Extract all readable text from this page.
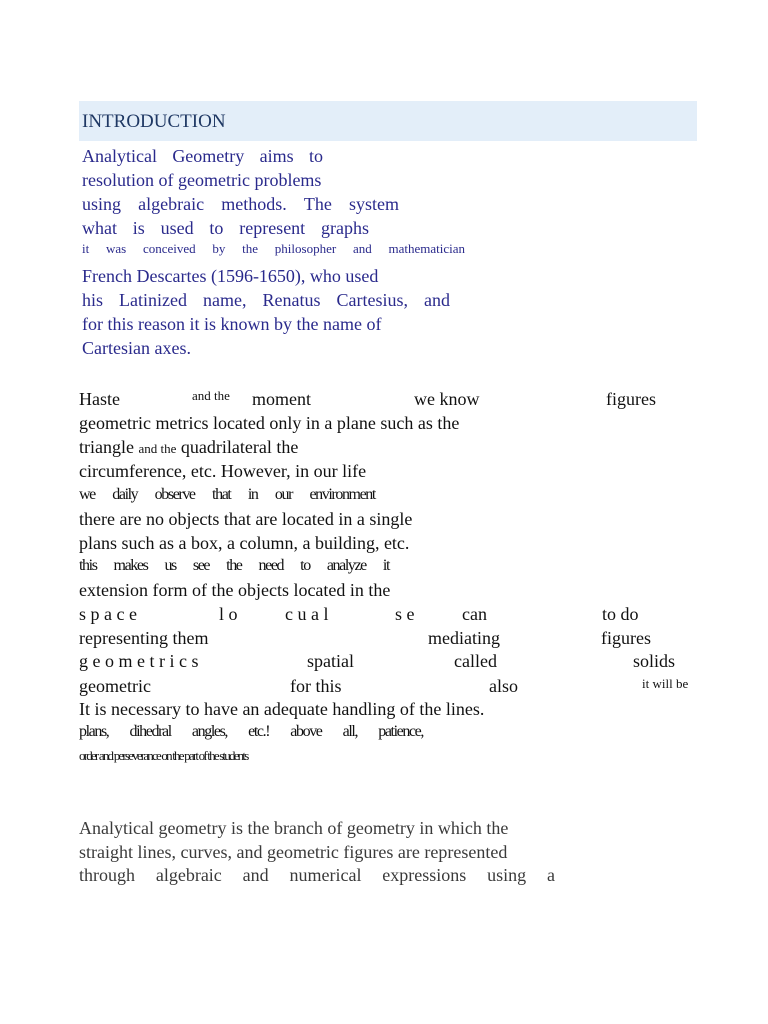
INTRODUCTION
Analytical Geometry aims to
resolution of geometric problems
using algebraic methods. The system
what is used to represent graphs
it was conceived by the philosopher and mathematician
French Descartes (1596-1650), who used
his Latinized name, Renatus Cartesius, and
for this reason it is known by the name of
Cartesian axes.
Haste	and the moment	we know	figures
geometric metrics located only in a plane such as the
triangle and the quadrilateral the
circumference, etc. However, in our life
we daily observe that in our environment
there are no objects that are located in a single
plans such as a box, a column, a building, etc.
this makes us see the need to analyze it
extension form of the objects located in the
s p a c e	l o	c u a l	s e	can	to do
representing them	mediating	figures
g e o m e t r i c s	spatial	called	solids
geometric	for this	also	it will be
It is necessary to have an adequate handling of the lines.
plans, dihedral angles, etc.! above all, patience,
order and perseverance on the part of the students
Analytical geometry is the branch of geometry in which the
straight lines, curves, and geometric figures are represented
through algebraic and numerical expressions using a
